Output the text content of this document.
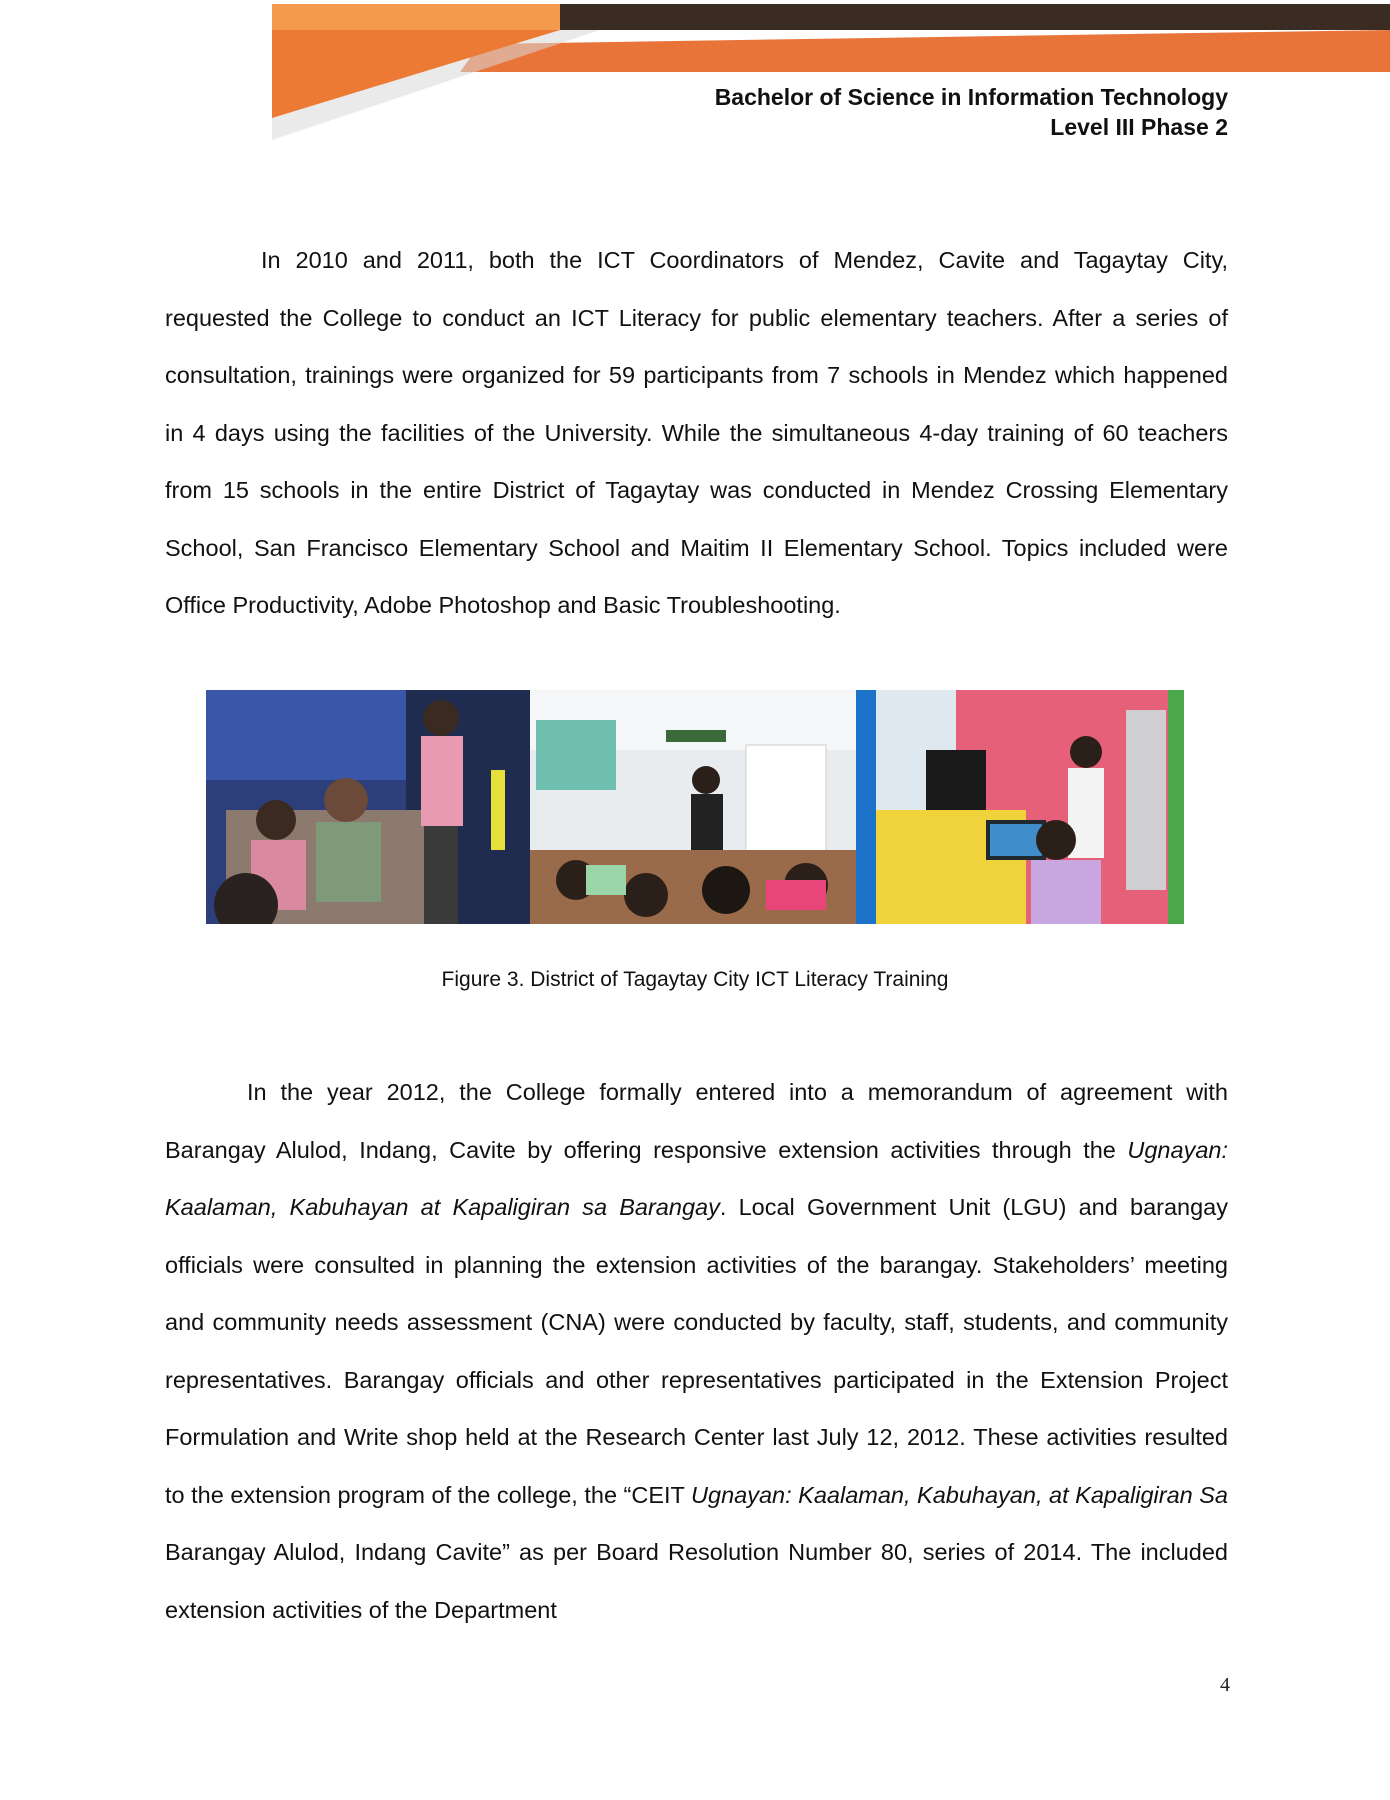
Bachelor of Science in Information Technology
Level III Phase 2

In 2010 and 2011, both the ICT Coordinators of Mendez, Cavite and Tagaytay City, requested the College to conduct an ICT Literacy for public elementary teachers. After a series of consultation, trainings were organized for 59 participants from 7 schools in Mendez which happened in 4 days using the facilities of the University. While the simultaneous 4-day training of 60 teachers from 15 schools in the entire District of Tagaytay was conducted in Mendez Crossing Elementary School, San Francisco Elementary School and Maitim II Elementary School. Topics included were Office Productivity, Adobe Photoshop and Basic Troubleshooting.

Figure 3. District of Tagaytay City ICT Literacy Training

In the year 2012, the College formally entered into a memorandum of agreement with Barangay Alulod, Indang, Cavite by offering responsive extension activities through the Ugnayan: Kaalaman, Kabuhayan at Kapaligiran sa Barangay. Local Government Unit (LGU) and barangay officials were consulted in planning the extension activities of the barangay. Stakeholders’ meeting and community needs assessment (CNA) were conducted by faculty, staff, students, and community representatives. Barangay officials and other representatives participated in the Extension Project Formulation and Write shop held at the Research Center last July 12, 2012. These activities resulted to the extension program of the college, the “CEIT Ugnayan: Kaalaman, Kabuhayan, at Kapaligiran Sa Barangay Alulod, Indang Cavite” as per Board Resolution Number 80, series of 2014. The included extension activities of the Department

4
